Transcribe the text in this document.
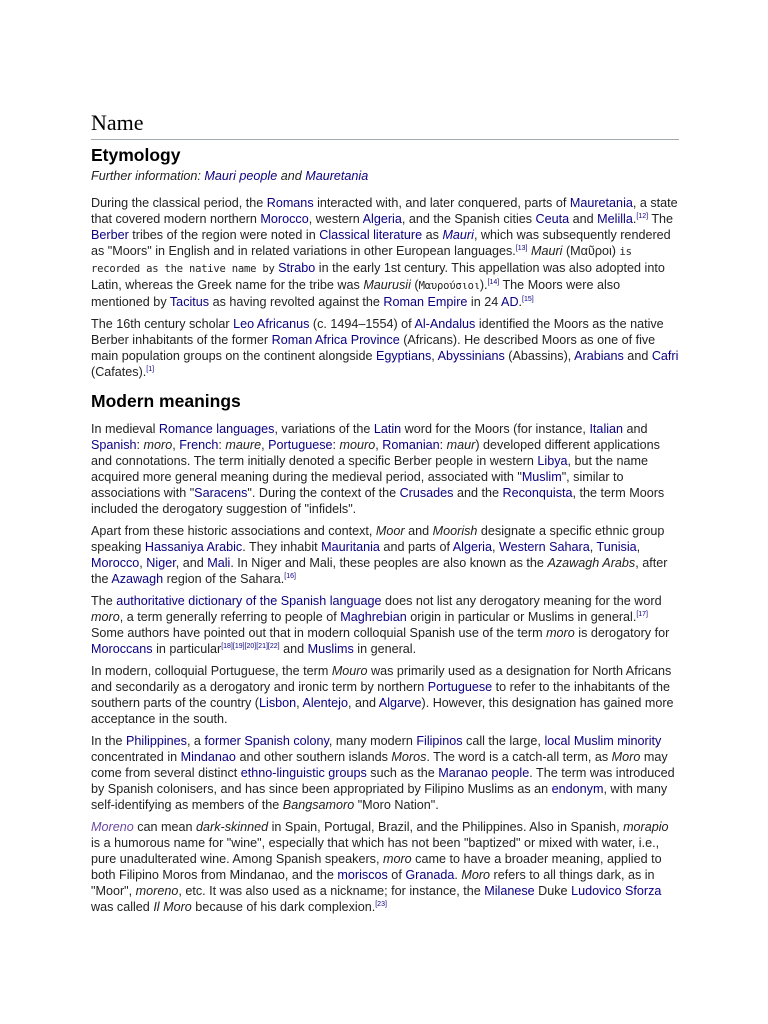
Name
Etymology
Further information: Mauri people and Mauretania

During the classical period, the Romans interacted with, and later conquered, parts of Mauretania, a state that covered modern northern Morocco, western Algeria, and the Spanish cities Ceuta and Melilla.[12] The Berber tribes of the region were noted in Classical literature as Mauri, which was subsequently rendered as "Moors" in English and in related variations in other European languages.[13] Mauri (Μαῦροι) is recorded as the native name by Strabo in the early 1st century. This appellation was also adopted into Latin, whereas the Greek name for the tribe was Maurusii (Μαυρούσιοι).[14] The Moors were also mentioned by Tacitus as having revolted against the Roman Empire in 24 AD.[15]

The 16th century scholar Leo Africanus (c. 1494–1554) of Al-Andalus identified the Moors as the native Berber inhabitants of the former Roman Africa Province (Africans). He described Moors as one of five main population groups on the continent alongside Egyptians, Abyssinians (Abassins), Arabians and Cafri (Cafates).[1]

Modern meanings

In medieval Romance languages, variations of the Latin word for the Moors (for instance, Italian and Spanish: moro, French: maure, Portuguese: mouro, Romanian: maur) developed different applications and connotations. The term initially denoted a specific Berber people in western Libya, but the name acquired more general meaning during the medieval period, associated with "Muslim", similar to associations with "Saracens". During the context of the Crusades and the Reconquista, the term Moors included the derogatory suggestion of "infidels".

Apart from these historic associations and context, Moor and Moorish designate a specific ethnic group speaking Hassaniya Arabic. They inhabit Mauritania and parts of Algeria, Western Sahara, Tunisia, Morocco, Niger, and Mali. In Niger and Mali, these peoples are also known as the Azawagh Arabs, after the Azawagh region of the Sahara.[16]

The authoritative dictionary of the Spanish language does not list any derogatory meaning for the word moro, a term generally referring to people of Maghrebian origin in particular or Muslims in general.[17] Some authors have pointed out that in modern colloquial Spanish use of the term moro is derogatory for Moroccans in particular[18][19][20][21][22] and Muslims in general.

In modern, colloquial Portuguese, the term Mouro was primarily used as a designation for North Africans and secondarily as a derogatory and ironic term by northern Portuguese to refer to the inhabitants of the southern parts of the country (Lisbon, Alentejo, and Algarve). However, this designation has gained more acceptance in the south.

In the Philippines, a former Spanish colony, many modern Filipinos call the large, local Muslim minority concentrated in Mindanao and other southern islands Moros. The word is a catch-all term, as Moro may come from several distinct ethno-linguistic groups such as the Maranao people. The term was introduced by Spanish colonisers, and has since been appropriated by Filipino Muslims as an endonym, with many self-identifying as members of the Bangsamoro "Moro Nation".

Moreno can mean dark-skinned in Spain, Portugal, Brazil, and the Philippines. Also in Spanish, morapio is a humorous name for "wine", especially that which has not been "baptized" or mixed with water, i.e., pure unadulterated wine. Among Spanish speakers, moro came to have a broader meaning, applied to both Filipino Moros from Mindanao, and the moriscos of Granada. Moro refers to all things dark, as in "Moor", moreno, etc. It was also used as a nickname; for instance, the Milanese Duke Ludovico Sforza was called Il Moro because of his dark complexion.[23]
